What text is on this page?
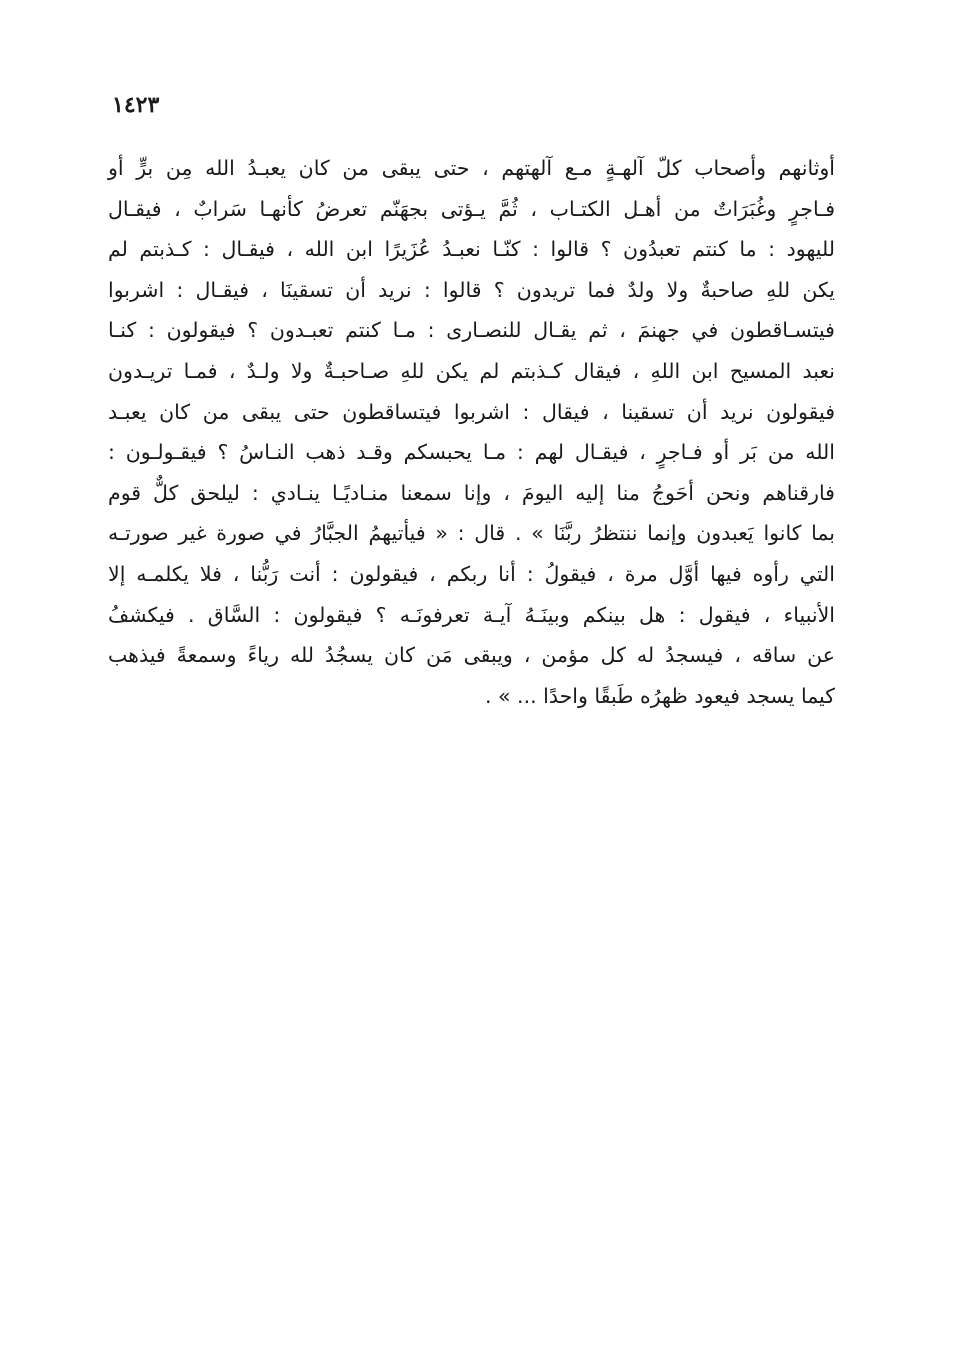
١٤٢٣
أوثانهم وأصحاب كلّ آلهـةٍ مـع آلهتهم ، حتى يبقى من كان يعبـدُ الله مِن برٍّ أو
فـاجرٍ وغُبَرَاتٌ من أهـل الكتـاب ، ثُمَّ يـؤتى بجهَنّم تعرضُ كأنهـا سَرابٌ ، فيقـال
لليهود : ما كنتم تعبدُون ؟ قالوا : كنّـا نعبـدُ عُزَيرًا ابن الله ، فيقـال : كـذبتم لم
يكن للهِ صاحبةٌ ولا ولدٌ فما تريدون ؟ قالوا : نريد أن تسقينَا ، فيقـال : اشربوا
فيتسـاقطون في جهنمَ ، ثم يقـال للنصـارى : مـا كنتم تعبـدون ؟ فيقولون : كنـا
نعبد المسيح ابن اللهِ ، فيقال كـذبتم لم يكن للهِ صـاحبـةٌ ولا ولـدٌ ، فمـا تريـدون
فيقولون نريد أن تسقينا ، فيقال : اشربوا فيتساقطون حتى يبقى من كان يعبـد
الله من بَر أو فـاجرٍ ، فيقـال لهم : مـا يحبسكم وقـد ذهب النـاسُ ؟ فيقـولـون :
فارقناهم ونحن أحَوجُ منا إليه اليومَ ، وإنا سمعنا منـاديًـا ينـادي : ليلحق كلٌّ قوم
بما كانوا يَعبدون وإنما ننتظرُ ربَّنَا » . قال : « فيأتيهمُ الجبَّارُ في صورة غير صورتـه
التي رأوه فيها أوَّل مرة ، فيقولُ : أنا ربكم ، فيقولون : أنت رَبُّنا ، فلا يكلمـه إلا
الأنبياء ، فيقول : هل بينكم وبينَـهُ آيـة تعرفونَـه ؟ فيقولون : السَّاق . فيكشفُ
عن ساقه ، فيسجدُ له كل مؤمن ، ويبقى مَن كان يسجُدُ لله رياءً وسمعةً فيذهب
كيما يسجد فيعود ظهرُه طَبقًا واحدًا ... » .
